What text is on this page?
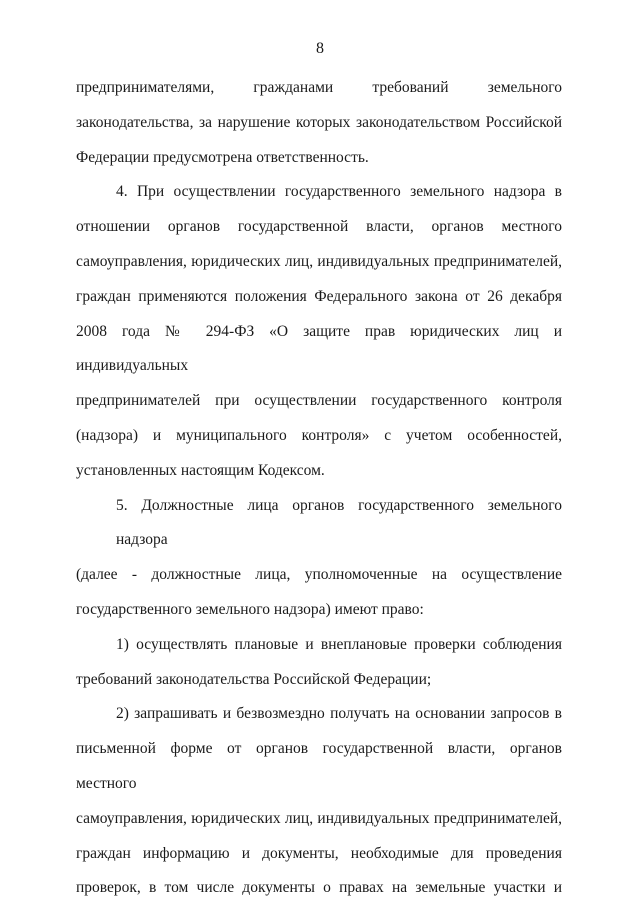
8

предпринимателями, гражданами требований земельного
законодательства, за нарушение которых законодательством Российской
Федерации предусмотрена ответственность.

4. При осуществлении государственного земельного надзора в
отношении органов государственной власти, органов местного
самоуправления, юридических лиц, индивидуальных предпринимателей,
граждан применяются положения Федерального закона от 26 декабря
2008 года № 294-ФЗ «О защите прав юридических лиц и индивидуальных
предпринимателей при осуществлении государственного контроля
(надзора) и муниципального контроля» с учетом особенностей,
установленных настоящим Кодексом.

5. Должностные лица органов государственного земельного надзора
(далее - должностные лица, уполномоченные на осуществление
государственного земельного надзора) имеют право:

1) осуществлять плановые и внеплановые проверки соблюдения
требований законодательства Российской Федерации;

2) запрашивать и безвозмездно получать на основании запросов в
письменной форме от органов государственной власти, органов местного
самоуправления, юридических лиц, индивидуальных предпринимателей,
граждан информацию и документы, необходимые для проведения
проверок, в том числе документы о правах на земельные участки и
